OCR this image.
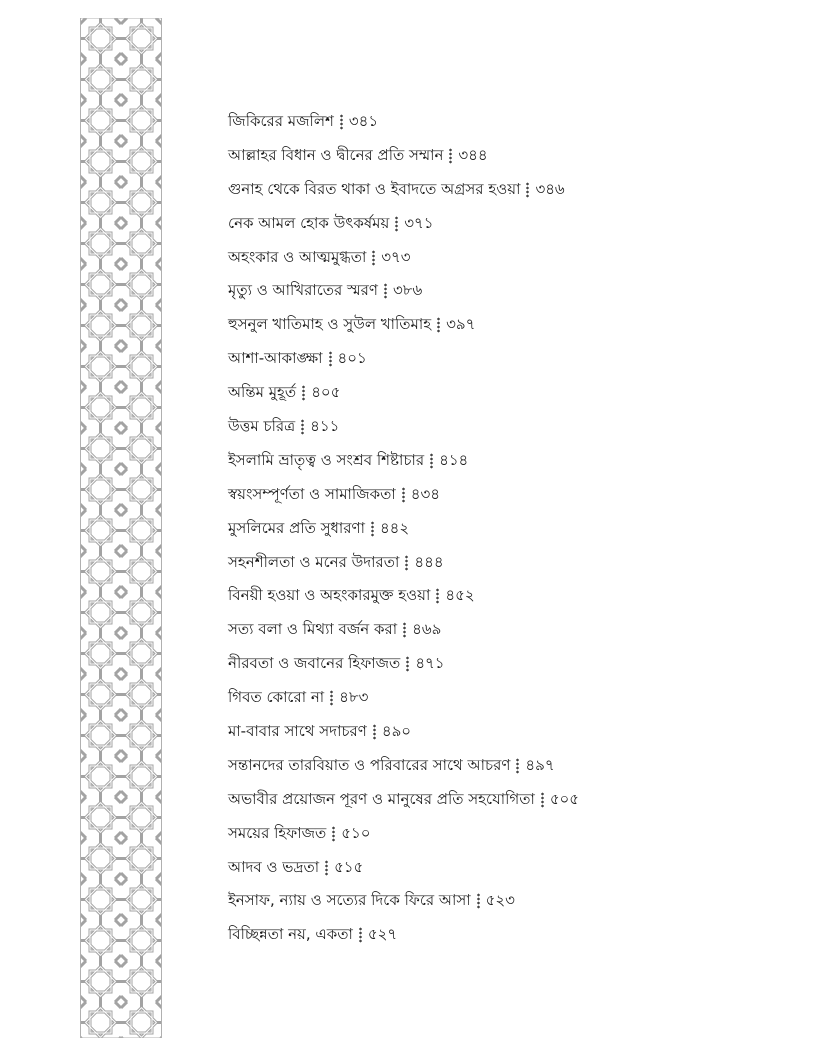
জিকিরের মজলিশ ৩৪১
আল্লাহর বিধান ও দ্বীনের প্রতি সম্মান ৩৪৪
গুনাহ থেকে বিরত থাকা ও ইবাদতে অগ্রসর হওয়া ৩৪৬
নেক আমল হোক উৎকর্ষময় ৩৭১
অহংকার ও আত্মমুগ্ধতা ৩৭৩
মৃত্যু ও আখিরাতের স্মরণ ৩৮৬
হুসনুল খাতিমাহ ও সুউল খাতিমাহ ৩৯৭
আশা-আকাঙ্ক্ষা ৪০১
অন্তিম মুহূর্ত ৪০৫
উত্তম চরিত্র ৪১১
ইসলামি ভ্রাতৃত্ব ও সংশ্রব শিষ্টাচার ৪১৪
স্বয়ংসম্পূর্ণতা ও সামাজিকতা ৪৩৪
মুসলিমের প্রতি সুধারণা ৪৪২
সহনশীলতা ও মনের উদারতা ৪৪৪
বিনয়ী হওয়া ও অহংকারমুক্ত হওয়া ৪৫২
সত্য বলা ও মিথ্যা বর্জন করা ৪৬৯
নীরবতা ও জবানের হিফাজত ৪৭১
গিবত কোরো না ৪৮৩
মা-বাবার সাথে সদাচরণ ৪৯০
সন্তানদের তারবিয়াত ও পরিবারের সাথে আচরণ ৪৯৭
অভাবীর প্রয়োজন পূরণ ও মানুষের প্রতি সহযোগিতা ৫০৫
সময়ের হিফাজত ৫১০
আদব ও ভদ্রতা ৫১৫
ইনসাফ, ন্যায় ও সত্যের দিকে ফিরে আসা ৫২৩
বিচ্ছিন্নতা নয়, একতা ৫২৭
